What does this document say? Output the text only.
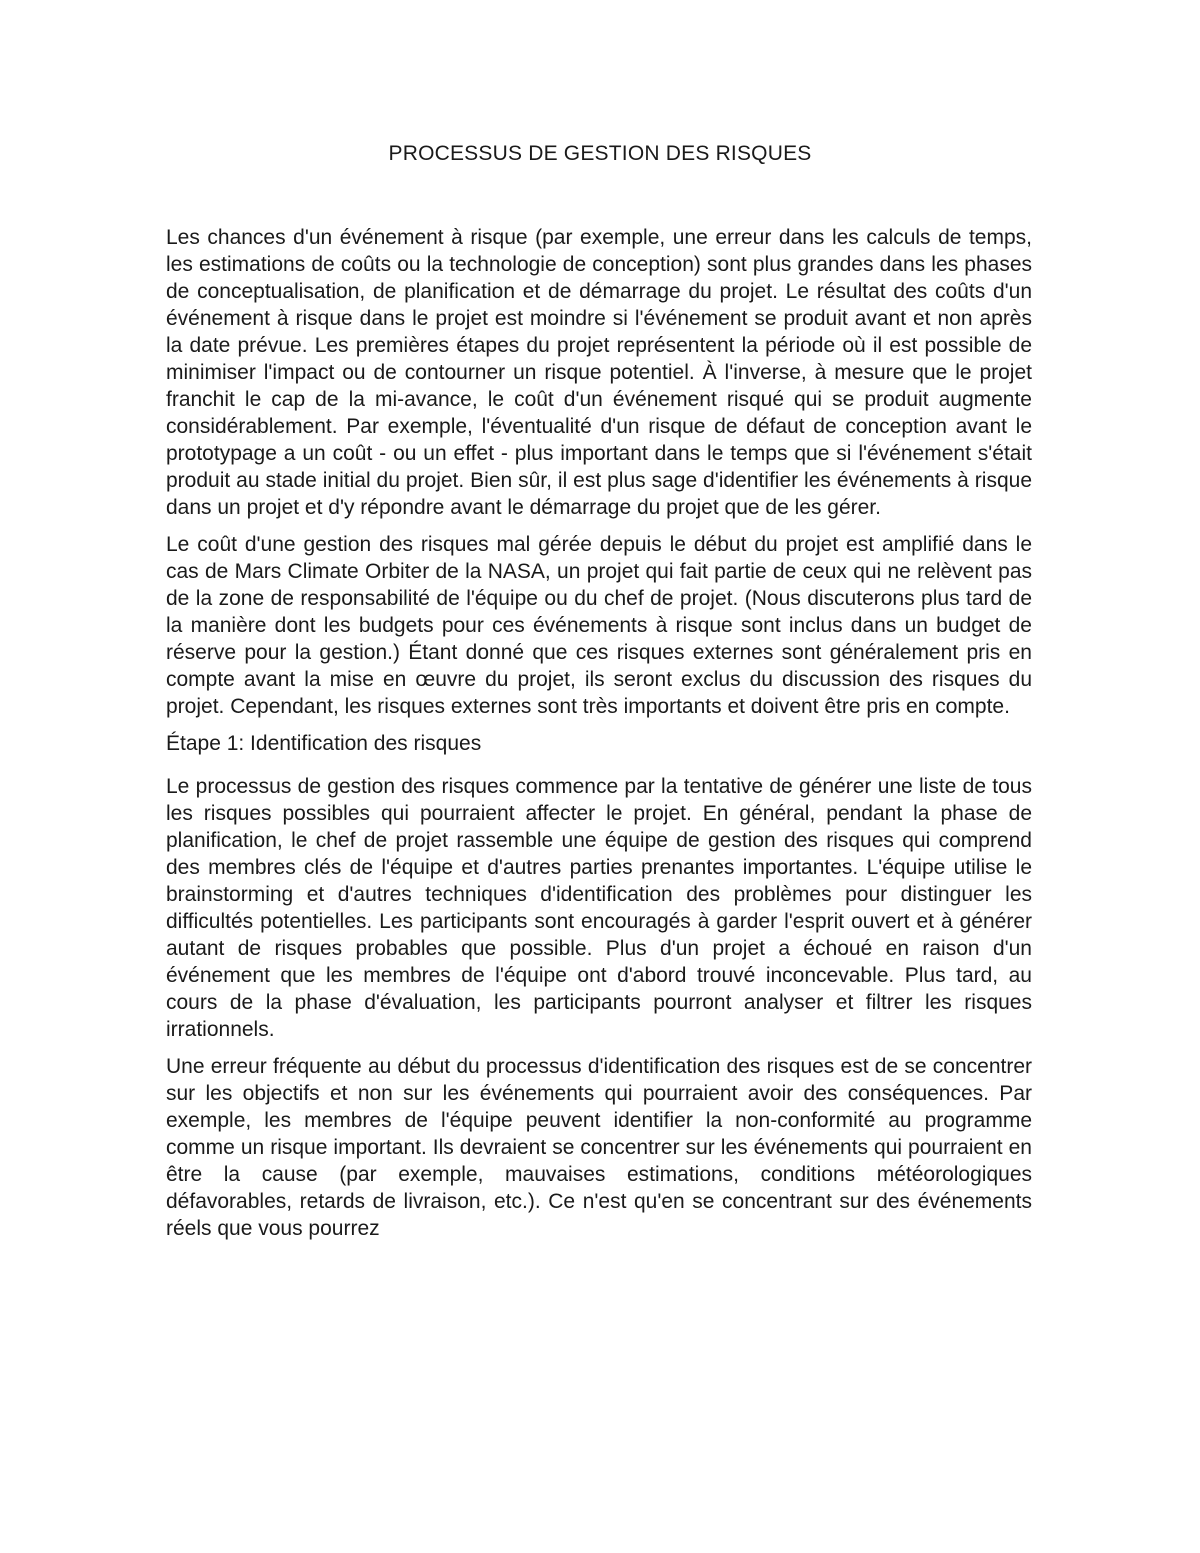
PROCESSUS DE GESTION DES RISQUES

Les chances d'un événement à risque (par exemple, une erreur dans les calculs de temps, les estimations de coûts ou la technologie de conception) sont plus grandes dans les phases de conceptualisation, de planification et de démarrage du projet. Le résultat des coûts d'un événement à risque dans le projet est moindre si l'événement se produit avant et non après la date prévue. Les premières étapes du projet représentent la période où il est possible de minimiser l'impact ou de contourner un risque potentiel. À l'inverse, à mesure que le projet franchit le cap de la mi-avance, le coût d'un événement risqué qui se produit augmente considérablement. Par exemple, l'éventualité d'un risque de défaut de conception avant le prototypage a un coût - ou un effet - plus important dans le temps que si l'événement s'était produit au stade initial du projet. Bien sûr, il est plus sage d'identifier les événements à risque dans un projet et d'y répondre avant le démarrage du projet que de les gérer.

Le coût d'une gestion des risques mal gérée depuis le début du projet est amplifié dans le cas de Mars Climate Orbiter de la NASA, un projet qui fait partie de ceux qui ne relèvent pas de la zone de responsabilité de l'équipe ou du chef de projet. (Nous discuterons plus tard de la manière dont les budgets pour ces événements à risque sont inclus dans un budget de réserve pour la gestion.) Étant donné que ces risques externes sont généralement pris en compte avant la mise en œuvre du projet, ils seront exclus du discussion des risques du projet. Cependant, les risques externes sont très importants et doivent être pris en compte.

Étape 1: Identification des risques

Le processus de gestion des risques commence par la tentative de générer une liste de tous les risques possibles qui pourraient affecter le projet. En général, pendant la phase de planification, le chef de projet rassemble une équipe de gestion des risques qui comprend des membres clés de l'équipe et d'autres parties prenantes importantes. L'équipe utilise le brainstorming et d'autres techniques d'identification des problèmes pour distinguer les difficultés potentielles. Les participants sont encouragés à garder l'esprit ouvert et à générer autant de risques probables que possible. Plus d'un projet a échoué en raison d'un événement que les membres de l'équipe ont d'abord trouvé inconcevable. Plus tard, au cours de la phase d'évaluation, les participants pourront analyser et filtrer les risques irrationnels.

Une erreur fréquente au début du processus d'identification des risques est de se concentrer sur les objectifs et non sur les événements qui pourraient avoir des conséquences. Par exemple, les membres de l'équipe peuvent identifier la non-conformité au programme comme un risque important. Ils devraient se concentrer sur les événements qui pourraient en être la cause (par exemple, mauvaises estimations, conditions météorologiques défavorables, retards de livraison, etc.). Ce n'est qu'en se concentrant sur des événements réels que vous pourrez
